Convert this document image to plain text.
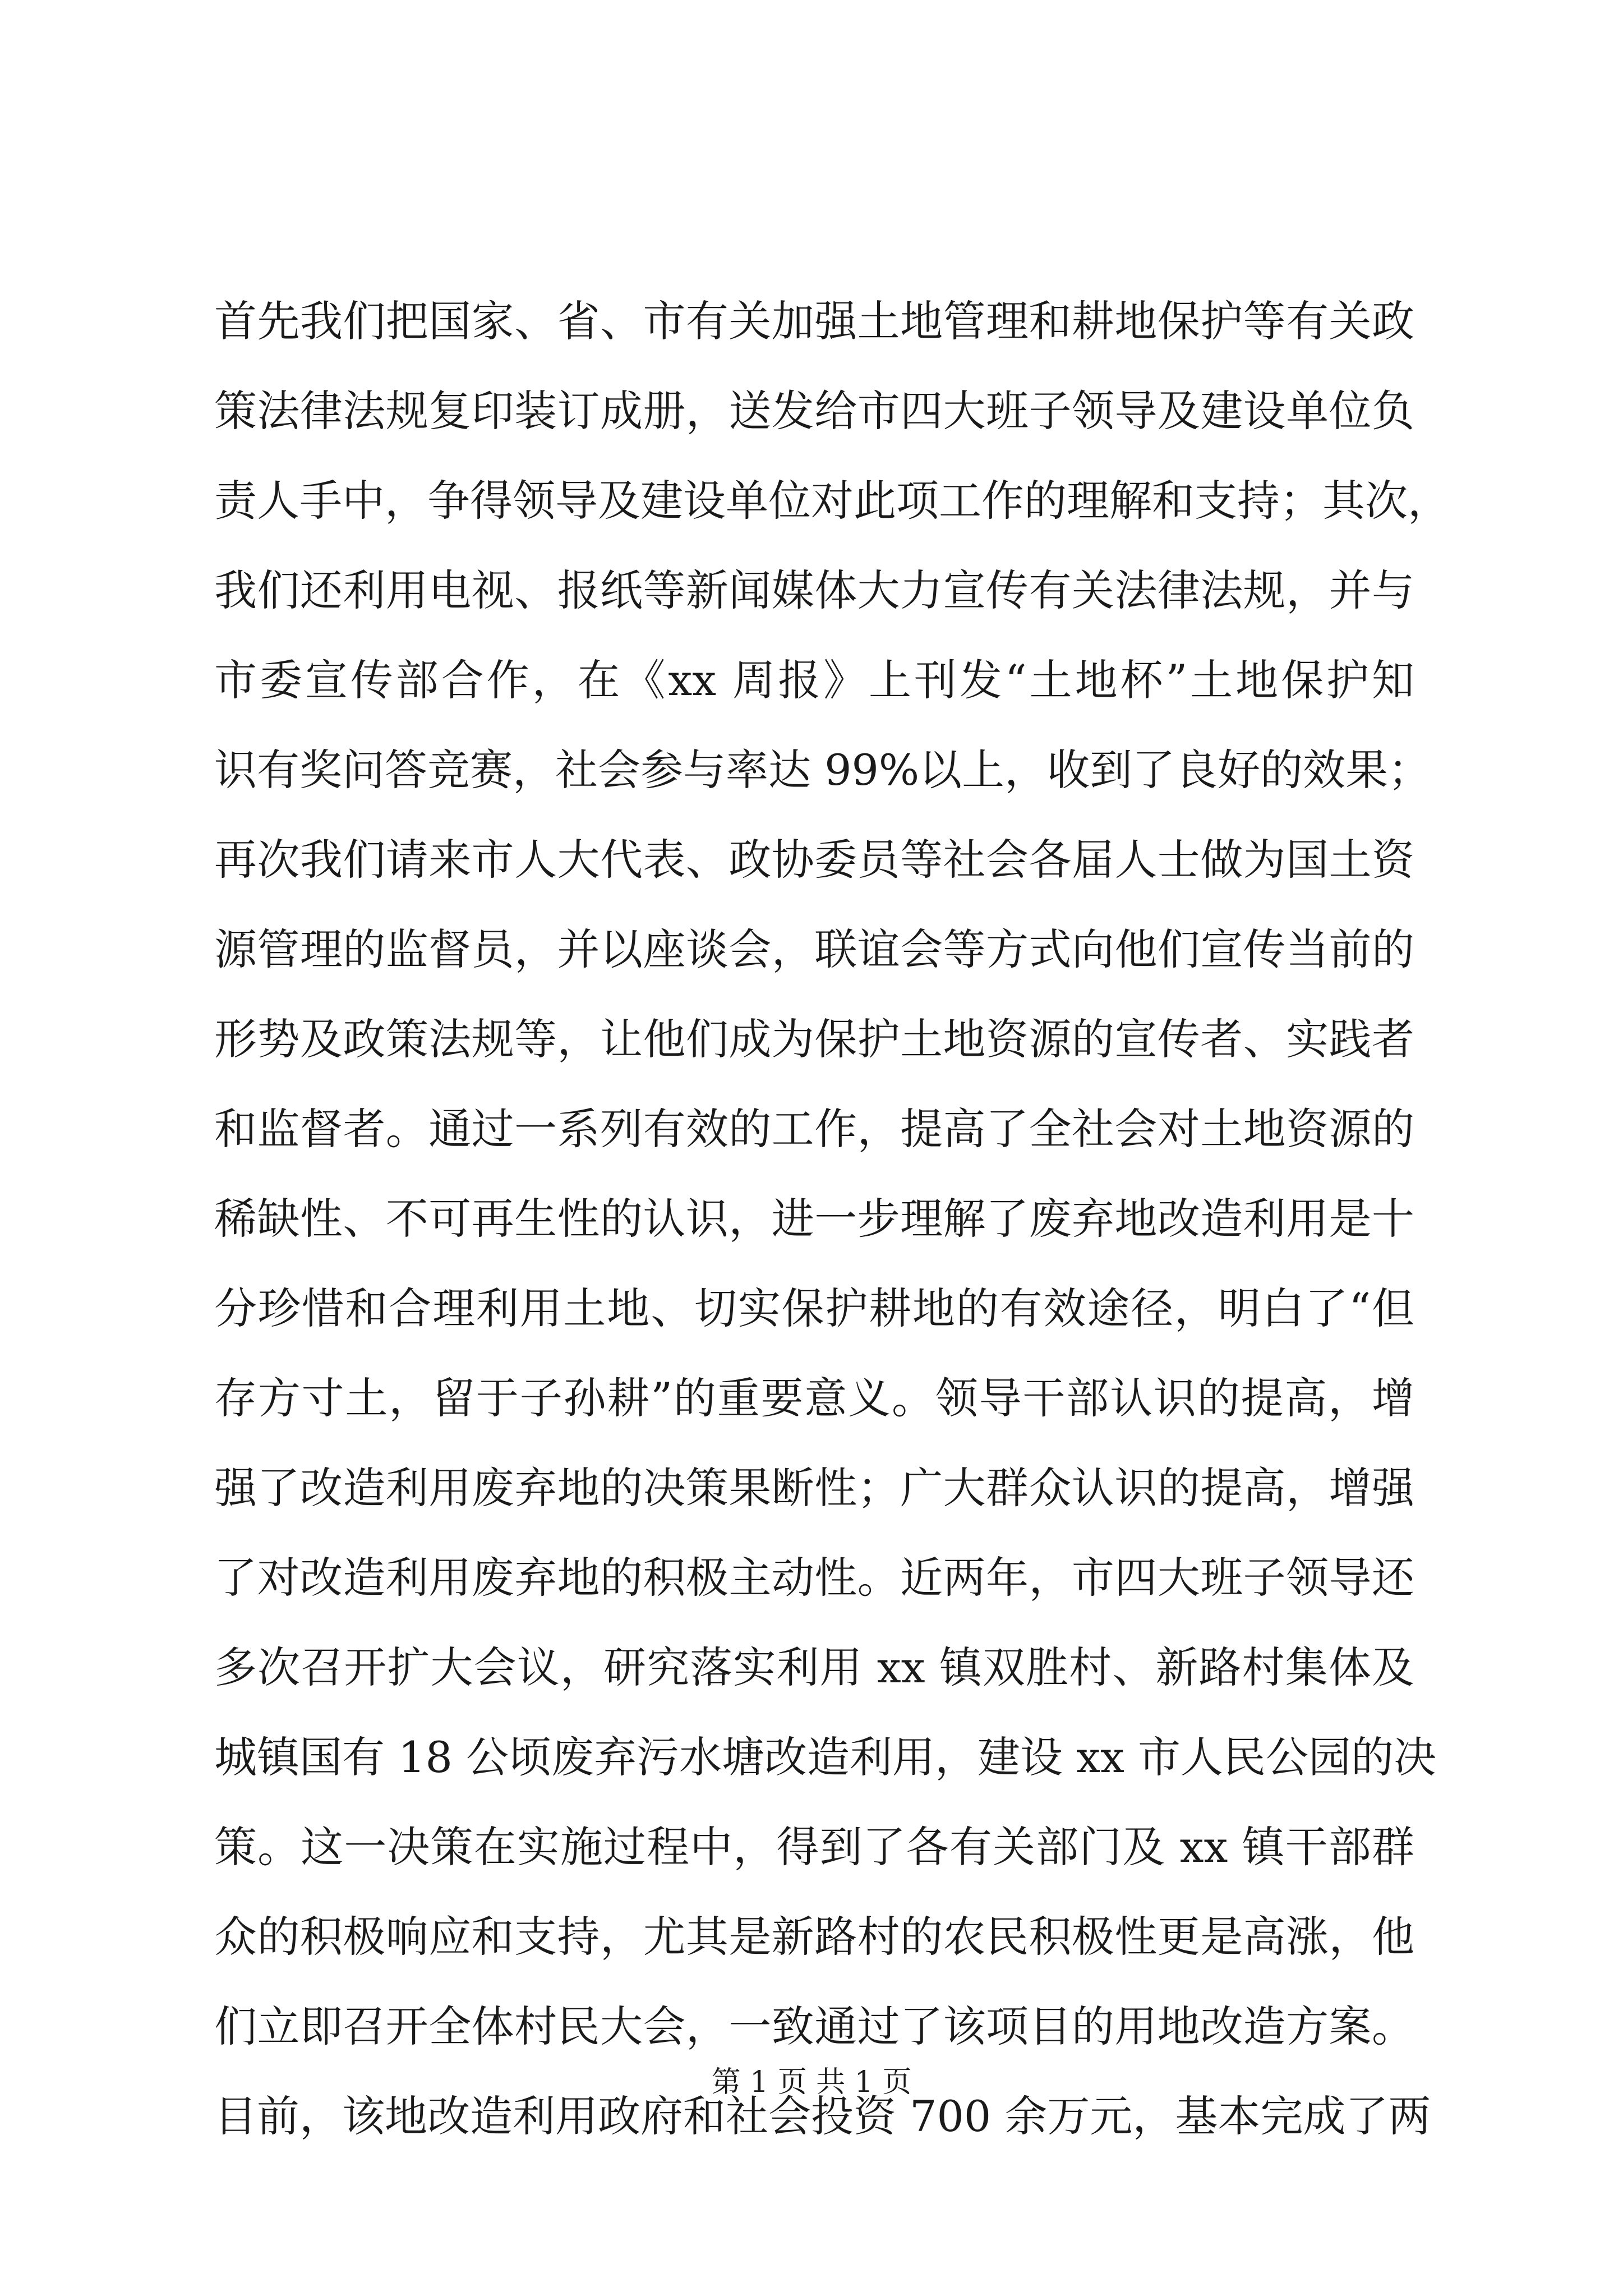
首先我们把国家、省、市有关加强土地管理和耕地保护等有关政
策法律法规复印装订成册，送发给市四大班子领导及建设单位负
责人手中，争得领导及建设单位对此项工作的理解和支持；其次，
我们还利用电视、报纸等新闻媒体大力宣传有关法律法规，并与
市委宣传部合作，在《xx 周报》上刊发“土地杯”土地保护知
识有奖问答竞赛，社会参与率达 99%以上，收到了良好的效果；
再次我们请来市人大代表、政协委员等社会各届人士做为国土资
源管理的监督员，并以座谈会，联谊会等方式向他们宣传当前的
形势及政策法规等，让他们成为保护土地资源的宣传者、实践者
和监督者。通过一系列有效的工作，提高了全社会对土地资源的
稀缺性、不可再生性的认识，进一步理解了废弃地改造利用是十
分珍惜和合理利用土地、切实保护耕地的有效途径，明白了“但
存方寸土，留于子孙耕”的重要意义。领导干部认识的提高，增
强了改造利用废弃地的决策果断性；广大群众认识的提高，增强
了对改造利用废弃地的积极主动性。近两年，市四大班子领导还
多次召开扩大会议，研究落实利用 xx 镇双胜村、新路村集体及
城镇国有 18 公顷废弃污水塘改造利用，建设 xx 市人民公园的决
策。这一决策在实施过程中，得到了各有关部门及 xx 镇干部群
众的积极响应和支持，尤其是新路村的农民积极性更是高涨，他
们立即召开全体村民大会，一致通过了该项目的用地改造方案。
目前，该地改造利用政府和社会投资 700 余万元，基本完成了两
第 1 页 共 1 页
